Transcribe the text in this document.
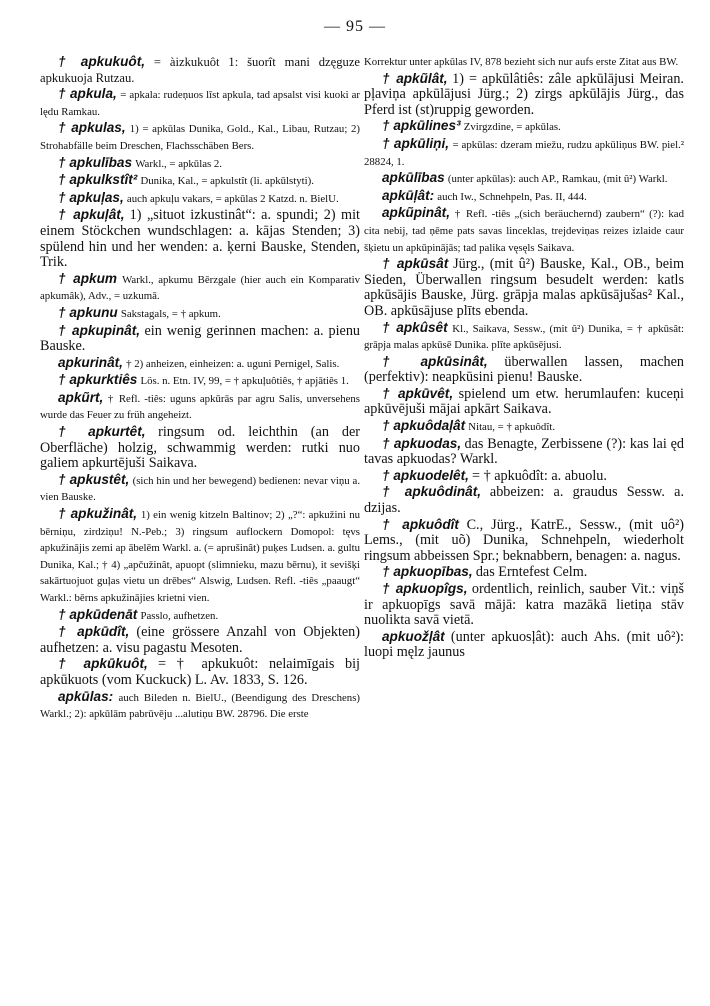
— 95 —

† apkukuôt, = àizkukuôt 1: šuorît mani dzęguze apkukuoja Rutzau.

† apkula, = apkala: rudeņuos līst apkula, tad apsalst visi kuoki ar lędu Ramkau.

† apkulas, 1) = apkūlas Dunika, Gold., Kal., Libau, Rutzau; 2) Strohabfälle beim Dreschen, Flachsschäben Bers.

† apkulības Warkl., = apkūlas 2.

† apkulkstît² Dunika, Kal., = apkulstît (li. apkūlstyti).

† apkuļas, auch apkuļu vakars, = apkūlas 2 Katzd. n. BielU.

† apkuļât, 1) „situot izkustinât“: a. spundi; 2) mit einem Stöckchen wundschlagen: a. kājas Stenden; 3) spülend hin und her wenden: a. ķerni Bauske, Stenden, Trik.

† apkum Warkl., apkumu Bērzgale (hier auch ein Komparativ apkumâk), Adv., = uzkumā.

† apkunu Sakstagals, = † apkum.

† apkupinât, ein wenig gerinnen machen: a. pienu Bauske.

apkurinât, † 2) anheizen, einheizen: a. uguni Pernigel, Salis.

† apkurktiês Lös. n. Etn. IV, 99, = † apkuļuôtiês, † apjātiês 1.

apkũrt, † Refl. -tiês: uguns apkūrās par agru Salis, unversehens wurde das Feuer zu früh angeheizt.

† apkurtêt, ringsum od. leichthin (an der Oberfläche) holzig, schwammig werden: rutki nuo galiem apkurtējuši Saikava.

† apkustêt, (sich hin und her bewegend) bedienen: nevar viņu a. vien Bauske.

† apkužinât, 1) ein wenig kitzeln Baltinov; 2) „?“: apkužini nu bērniņu, zirdziņu! N.-Peb.; 3) ringsum auflockern Domopol: tęvs apkužinājis zemi ap ābelēm Warkl. a. (= aprušinât) puķes Ludsen. a. gultu Dunika, Kal.; † 4) „apčužinât, apuopt (slimnieku, mazu bērnu), it sevišķi sakārtuojuot guļas vietu un drēbes“ Alswig, Ludsen. Refl. -tiês „paaugt“ Warkl.: bērns apkužinājies krietni vien.

† apkūdenāt Passlo, aufhetzen.

† apkūdît, (eine grössere Anzahl von Objekten) aufhetzen: a. visu pagastu Mesoten.

† apkūkuôt, = † apkukuôt: nelaimīgais bij apkūkuots (vom Kuckuck) L. Av. 1833, S. 126.

apkūlas: auch Bileden n. BielU., (Beendigung des Dreschens) Warkl.; 2): apkūlām pabrūvēju ...alutiņu BW. 28796. Die erste

Korrektur unter apkūlas IV, 878 bezieht sich nur aufs erste Zitat aus BW.

† apkũlât, 1) = apkūlâtiês: zâle apkūlājusi Meiran. pļaviņa apkūlājusi Jürg.; 2) zirgs apkūlājis Jürg., das Pferd ist (st)ruppig geworden.

† apkūlines³ Zvirgzdine, = apkūlas.

† apkūliņi, = apkūlas: dzeram miežu, rudzu apkūliņus BW. piel.² 28824, 1.

apkūlības (unter apkūlas): auch AP., Ramkau, (mit û²) Warkl.

apkūļât: auch Iw., Schnehpeln, Pas. II, 444.

apkũpinât, † Refl. -tiês „(sich beräuchernd) zaubern“ (?): kad cita nebij, tad ņēme pats savas linceklas, trejdeviņas reizes izlaide caur šķietu un apkūpinājās; tad palika vęsęls Saikava.

† apkūsât Jürg., (mit û²) Bauske, Kal., OB., beim Sieden, Überwallen ringsum besudelt werden: katls apkūsājis Bauske, Jürg. grāpja malas apkūsājušas² Kal., OB. apkūsājuse plīts ebenda.

† apkûsêt Kl., Saikava, Sessw., (mit û²) Dunika, = † apkūsât: grāpja malas apkūsē Dunika. plīte apkūsējusi.

† apkūsinât, überwallen lassen, machen (perfektiv): neapkūsini pienu! Bauske.

† apkūvêt, spielend um etw. herumlaufen: kuceņi apkūvējuši mājai apkārt Saikava.

† apkuôdaļât Nitau, = † apkuôdît.

† apkuodas, das Benagte, Zerbissene (?): kas lai ęd tavas apkuodas? Warkl.

† apkuodelêt, = † apkuôdît: a. abuolu.

† apkuôdinât, abbeizen: a. graudus Sessw. a. dzijas.

† apkuôdît C., Jürg., KatrE., Sessw., (mit uô²) Lems., (mit uõ) Dunika, Schnehpeln, wiederholt ringsum abbeissen Spr.; beknabbern, benagen: a. nagus.

† apkuopības, das Erntefest Celm.

† apkuopîgs, ordentlich, reinlich, sauber Vit.: viņš ir apkuopīgs savā mājā: katra mazākā lietiņa stāv nuolikta savā vietā.

apkuožļât (unter apkuosļât): auch Ahs. (mit uô²): luopi męlz jaunus
